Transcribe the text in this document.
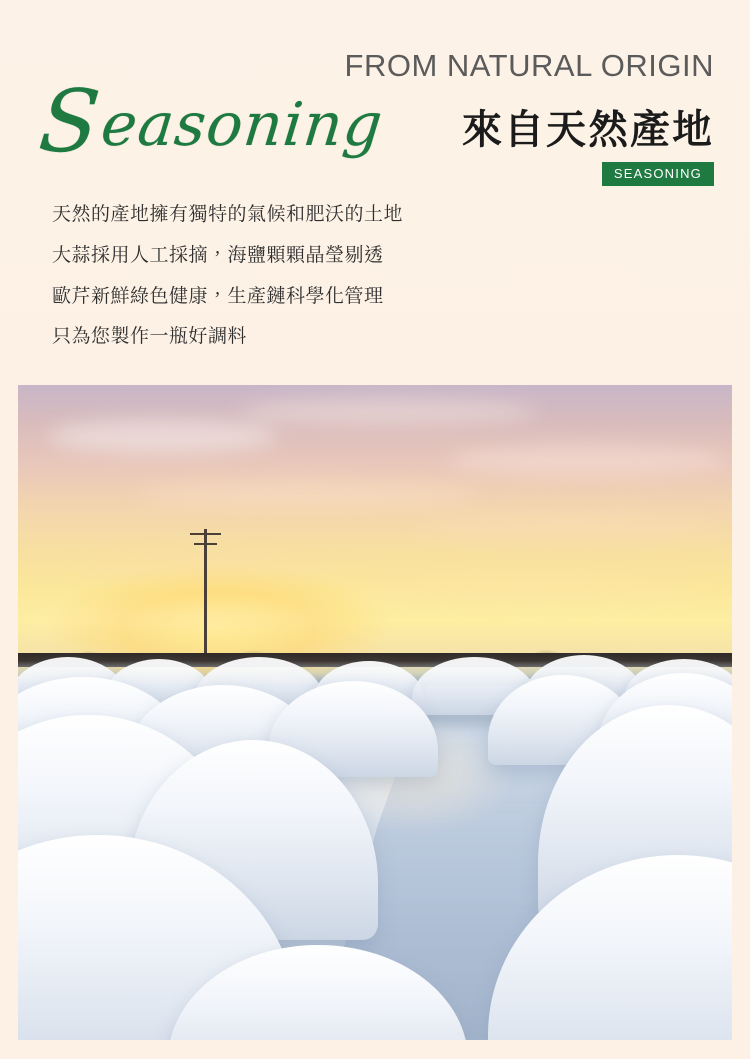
Seasoning
FROM NATURAL ORIGIN
來自天然產地
SEASONING

天然的產地擁有獨特的氣候和肥沃的土地

大蒜採用人工採摘，海鹽顆顆晶瑩剔透

歐芹新鮮綠色健康，生產鏈科學化管理

只為您製作一瓶好調料
